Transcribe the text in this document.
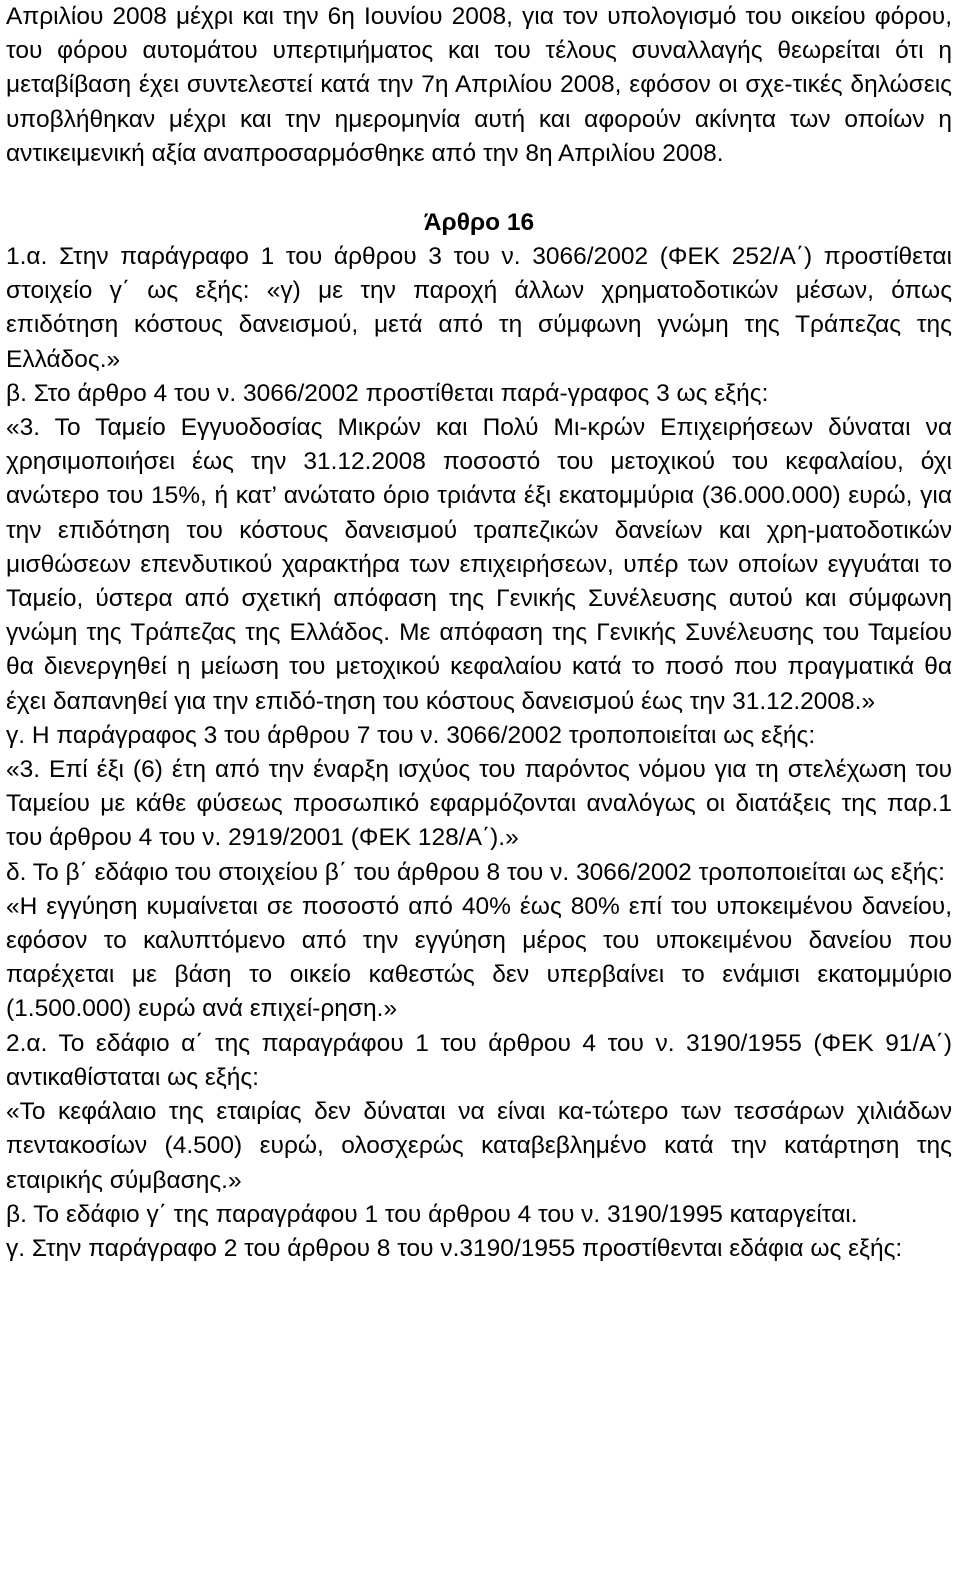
Απριλίου 2008 μέχρι και την 6η Ιουνίου 2008, για τον υπολογισμό του οικείου φόρου, του φόρου αυτομάτου υπερτιμήματος και του τέλους συναλλαγής θεωρείται ότι η μεταβίβαση έχει συντελεστεί κατά την 7η Απριλίου 2008, εφόσον οι σχε-τικές δηλώσεις υποβλήθηκαν μέχρι και την ημερομηνία αυτή και αφορούν ακίνητα των οποίων η αντικειμενική αξία αναπροσαρμόσθηκε από την 8η Απριλίου 2008.

Άρθρο 16

1.α. Στην παράγραφο 1 του άρθρου 3 του ν. 3066/2002 (ΦΕΚ 252/Α΄) προστίθεται στοιχείο γ΄ ως εξής: «γ) με την παροχή άλλων χρηματοδοτικών μέσων, όπως επιδότηση κόστους δανεισμού, μετά από τη σύμφωνη γνώμη της Τράπεζας της Ελλάδος.»

β. Στο άρθρο 4 του ν. 3066/2002 προστίθεται παρά-γραφος 3 ως εξής:

«3. Το Ταμείο Εγγυοδοσίας Μικρών και Πολύ Μι-κρών Επιχειρήσεων δύναται να χρησιμοποιήσει έως την 31.12.2008 ποσοστό του μετοχικού του κεφαλαίου, όχι ανώτερο του 15%, ή κατ’ ανώτατο όριο τριάντα έξι εκατομμύρια (36.000.000) ευρώ, για την επιδότηση του κόστους δανεισμού τραπεζικών δανείων και χρη-ματοδοτικών μισθώσεων επενδυτικού χαρακτήρα των επιχειρήσεων, υπέρ των οποίων εγγυάται το Ταμείο, ύστερα από σχετική απόφαση της Γενικής Συνέλευσης αυτού και σύμφωνη γνώμη της Τράπεζας της Ελλάδος. Με απόφαση της Γενικής Συνέλευσης του Ταμείου θα διενεργηθεί η μείωση του μετοχικού κεφαλαίου κατά το ποσό που πραγματικά θα έχει δαπανηθεί για την επιδό-τηση του κόστους δανεισμού έως την 31.12.2008.»

γ. Η παράγραφος 3 του άρθρου 7 του ν. 3066/2002 τροποποιείται ως εξής:

«3. Επί έξι (6) έτη από την έναρξη ισχύος του παρόντος νόμου για τη στελέχωση του Ταμείου με κάθε φύσεως προσωπικό εφαρμόζονται αναλόγως οι διατάξεις της παρ.1 του άρθρου 4 του ν. 2919/2001 (ΦΕΚ 128/Α΄).»

δ. Το β΄ εδάφιο του στοιχείου β΄ του άρθρου 8 του ν. 3066/2002 τροποποιείται ως εξής:

«Η εγγύηση κυμαίνεται σε ποσοστό από 40% έως 80% επί του υποκειμένου δανείου, εφόσον το καλυπτόμενο από την εγγύηση μέρος του υποκειμένου δανείου που παρέχεται με βάση το οικείο καθεστώς δεν υπερβαίνει το ενάμισι εκατομμύριο (1.500.000) ευρώ ανά επιχεί-ρηση.»

2.α. Το εδάφιο α΄ της παραγράφου 1 του άρθρου 4 του ν. 3190/1955 (ΦΕΚ 91/Α΄) αντικαθίσταται ως εξής:

«Το κεφάλαιο της εταιρίας δεν δύναται να είναι κα-τώτερο των τεσσάρων χιλιάδων πεντακοσίων (4.500) ευρώ, ολοσχερώς καταβεβλημένο κατά την κατάρτηση της εταιρικής σύμβασης.»

β. Το εδάφιο γ΄ της παραγράφου 1 του άρθρου 4 του ν. 3190/1995 καταργείται.

γ. Στην παράγραφο 2 του άρθρου 8 του ν.3190/1955 προστίθενται εδάφια ως εξής:
